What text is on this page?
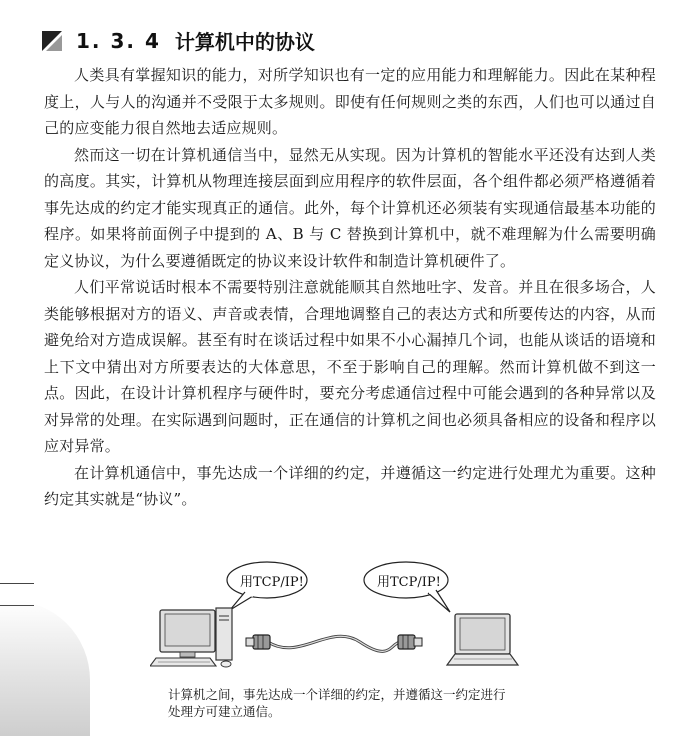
1. 3. 4 计算机中的协议

人类具有掌握知识的能力，对所学知识也有一定的应用能力和理解能力。因此在某种程度上，人与人的沟通并不受限于太多规则。即使有任何规则之类的东西，人们也可以通过自己的应变能力很自然地去适应规则。

然而这一切在计算机通信当中，显然无从实现。因为计算机的智能水平还没有达到人类的高度。其实，计算机从物理连接层面到应用程序的软件层面，各个组件都必须严格遵循着事先达成的约定才能实现真正的通信。此外，每个计算机还必须装有实现通信最基本功能的程序。如果将前面例子中提到的 A、B 与 C 替换到计算机中，就不难理解为什么需要明确定义协议，为什么要遵循既定的协议来设计软件和制造计算机硬件了。

人们平常说话时根本不需要特别注意就能顺其自然地吐字、发音。并且在很多场合，人类能够根据对方的语义、声音或表情，合理地调整自己的表达方式和所要传达的内容，从而避免给对方造成误解。甚至有时在谈话过程中如果不小心漏掉几个词，也能从谈话的语境和上下文中猜出对方所要表达的大体意思，不至于影响自己的理解。然而计算机做不到这一点。因此，在设计计算机程序与硬件时，要充分考虑通信过程中可能会遇到的各种异常以及对异常的处理。在实际遇到问题时，正在通信的计算机之间也必须具备相应的设备和程序以应对异常。

在计算机通信中，事先达成一个详细的约定，并遵循这一约定进行处理尤为重要。这种约定其实就是“协议”。

用TCP/IP!	用TCP/IP!
计算机之间，事先达成一个详细的约定，并遵循这一约定进行
处理方可建立通信。
